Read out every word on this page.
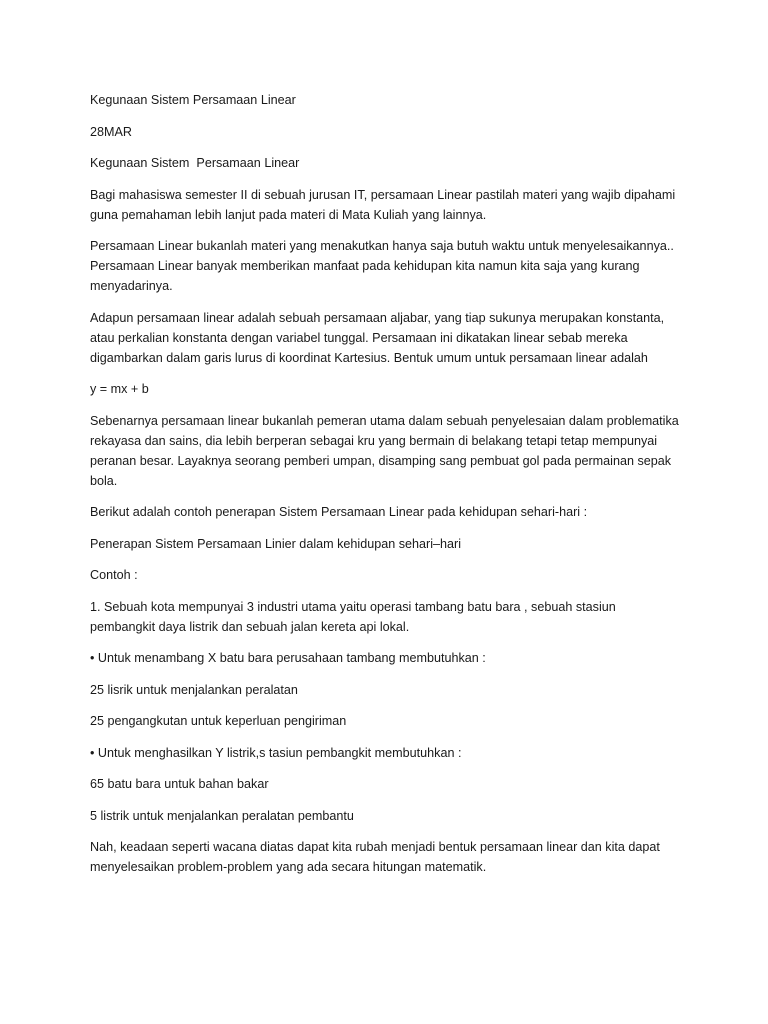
Kegunaan Sistem Persamaan Linear

28MAR

Kegunaan Sistem  Persamaan Linear

Bagi mahasiswa semester II di sebuah jurusan IT, persamaan Linear pastilah materi yang wajib dipahami guna pemahaman lebih lanjut pada materi di Mata Kuliah yang lainnya.

Persamaan Linear bukanlah materi yang menakutkan hanya saja butuh waktu untuk menyelesaikannya.. Persamaan Linear banyak memberikan manfaat pada kehidupan kita namun kita saja yang kurang menyadarinya.

Adapun persamaan linear adalah sebuah persamaan aljabar, yang tiap sukunya merupakan konstanta, atau perkalian konstanta dengan variabel tunggal. Persamaan ini dikatakan linear sebab mereka digambarkan dalam garis lurus di koordinat Kartesius. Bentuk umum untuk persamaan linear adalah

y = mx + b

Sebenarnya persamaan linear bukanlah pemeran utama dalam sebuah penyelesaian dalam problematika rekayasa dan sains, dia lebih berperan sebagai kru yang bermain di belakang tetapi tetap mempunyai peranan besar. Layaknya seorang pemberi umpan, disamping sang pembuat gol pada permainan sepak bola.

Berikut adalah contoh penerapan Sistem Persamaan Linear pada kehidupan sehari-hari :

Penerapan Sistem Persamaan Linier dalam kehidupan sehari–hari

Contoh :

1. Sebuah kota mempunyai 3 industri utama yaitu operasi tambang batu bara , sebuah stasiun pembangkit daya listrik dan sebuah jalan kereta api lokal.

• Untuk menambang X batu bara perusahaan tambang membutuhkan :

25 lisrik untuk menjalankan peralatan

25 pengangkutan untuk keperluan pengiriman

• Untuk menghasilkan Y listrik,s tasiun pembangkit membutuhkan :

65 batu bara untuk bahan bakar

5 listrik untuk menjalankan peralatan pembantu

Nah, keadaan seperti wacana diatas dapat kita rubah menjadi bentuk persamaan linear dan kita dapat menyelesaikan problem-problem yang ada secara hitungan matematik.
